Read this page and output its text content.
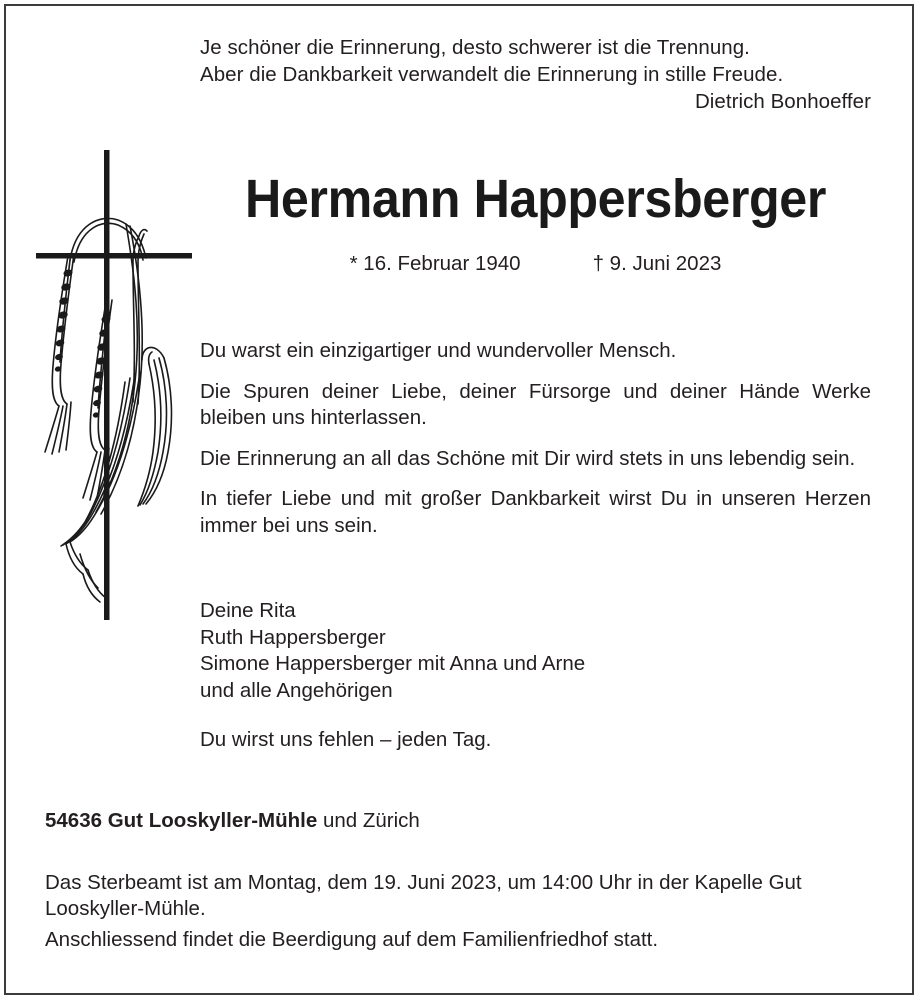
Je schöner die Erinnerung, desto schwerer ist die Trennung.
Aber die Dankbarkeit verwandelt die Erinnerung in stille Freude.
Dietrich Bonhoeffer
Hermann Happersberger
* 16. Februar 1940	† 9. Juni 2023

Du warst ein einzigartiger und wundervoller Mensch.

Die Spuren deiner Liebe, deiner Fürsorge und deiner Hände Werke bleiben uns hinterlassen.

Die Erinnerung an all das Schöne mit Dir wird stets in uns lebendig sein.

In tiefer Liebe und mit großer Dankbarkeit wirst Du in unseren Herzen immer bei uns sein.

Deine Rita
Ruth Happersberger
Simone Happersberger mit Anna und Arne
und alle Angehörigen
Du wirst uns fehlen – jeden Tag.
54636 Gut Looskyller-Mühle und Zürich

Das Sterbeamt ist am Montag, dem 19. Juni 2023, um 14:00 Uhr in der Kapelle Gut Looskyller-Mühle.

Anschliessend findet die Beerdigung auf dem Familienfriedhof statt.
